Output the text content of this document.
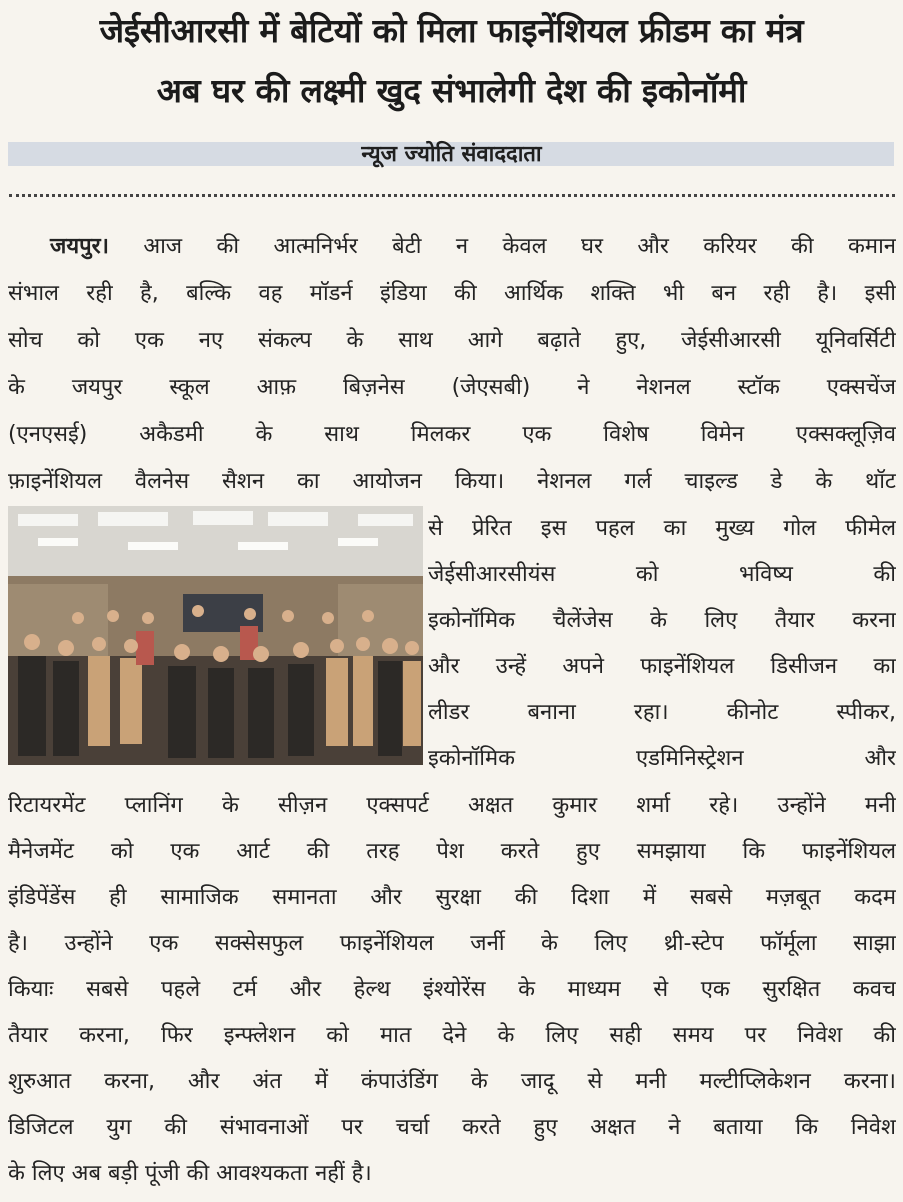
जेईसीआरसी में बेटियों को मिला फाइनेंशियल फ्रीडम का मंत्र
अब घर की लक्ष्मी खुद संभालेगी देश की इकोनॉमी
न्यूज ज्योति संवाददाता
जयपुर। आज की आत्मनिर्भर बेटी न केवल घर और करियर की कमान
संभाल रही है, बल्कि वह मॉडर्न इंडिया की आर्थिक शक्ति भी बन रही है। इसी
सोच को एक नए संकल्प के साथ आगे बढ़ाते हुए, जेईसीआरसी यूनिवर्सिटी
के जयपुर स्कूल आफ़ बिज़नेस (जेएसबी) ने नेशनल स्टॉक एक्सचेंज
(एनएसई) अकैडमी के साथ मिलकर एक विशेष विमेन एक्सक्लूज़िव
फ़ाइनेंशियल वैलनेस सैशन का आयोजन किया। नेशनल गर्ल चाइल्ड डे के थॉट
से प्रेरित इस पहल का मुख्य गोल फीमेल
जेईसीआरसीयंस को भविष्य की
इकोनॉमिक चैलेंजेस के लिए तैयार करना
और उन्हें अपने फाइनेंशियल डिसीजन का
लीडर बनाना रहा। कीनोट स्पीकर,
इकोनॉमिक एडमिनिस्ट्रेशन और
रिटायरमेंट प्लानिंग के सीज़न एक्सपर्ट अक्षत कुमार शर्मा रहे। उन्होंने मनी
मैनेजमेंट को एक आर्ट की तरह पेश करते हुए समझाया कि फाइनेंशियल
इंडिपेंडेंस ही सामाजिक समानता और सुरक्षा की दिशा में सबसे मज़बूत कदम
है। उन्होंने एक सक्सेसफुल फाइनेंशियल जर्नी के लिए थ्री-स्टेप फॉर्मूला साझा
कियाः सबसे पहले टर्म और हेल्थ इंश्योरेंस के माध्यम से एक सुरक्षित कवच
तैयार करना, फिर इन्फ्लेशन को मात देने के लिए सही समय पर निवेश की
शुरुआत करना, और अंत में कंपाउंडिंग के जादू से मनी मल्टीप्लिकेशन करना।
डिजिटल युग की संभावनाओं पर चर्चा करते हुए अक्षत ने बताया कि निवेश
के लिए अब बड़ी पूंजी की आवश्यकता नहीं है।
